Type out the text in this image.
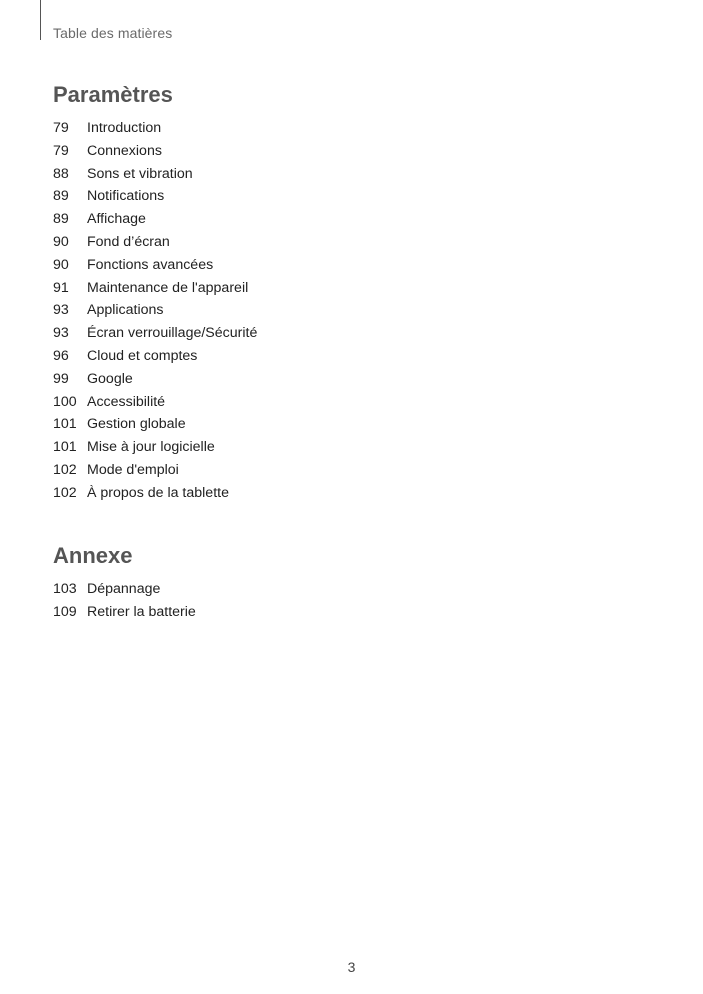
Table des matières
Paramètres
79	Introduction
79	Connexions
88	Sons et vibration
89	Notifications
89	Affichage
90	Fond d’écran
90	Fonctions avancées
91	Maintenance de l'appareil
93	Applications
93	Écran verrouillage/Sécurité
96	Cloud et comptes
99	Google
100 Accessibilité
101 Gestion globale
101 Mise à jour logicielle
102 Mode d'emploi
102 À propos de la tablette
Annexe
103 Dépannage
109 Retirer la batterie
3
